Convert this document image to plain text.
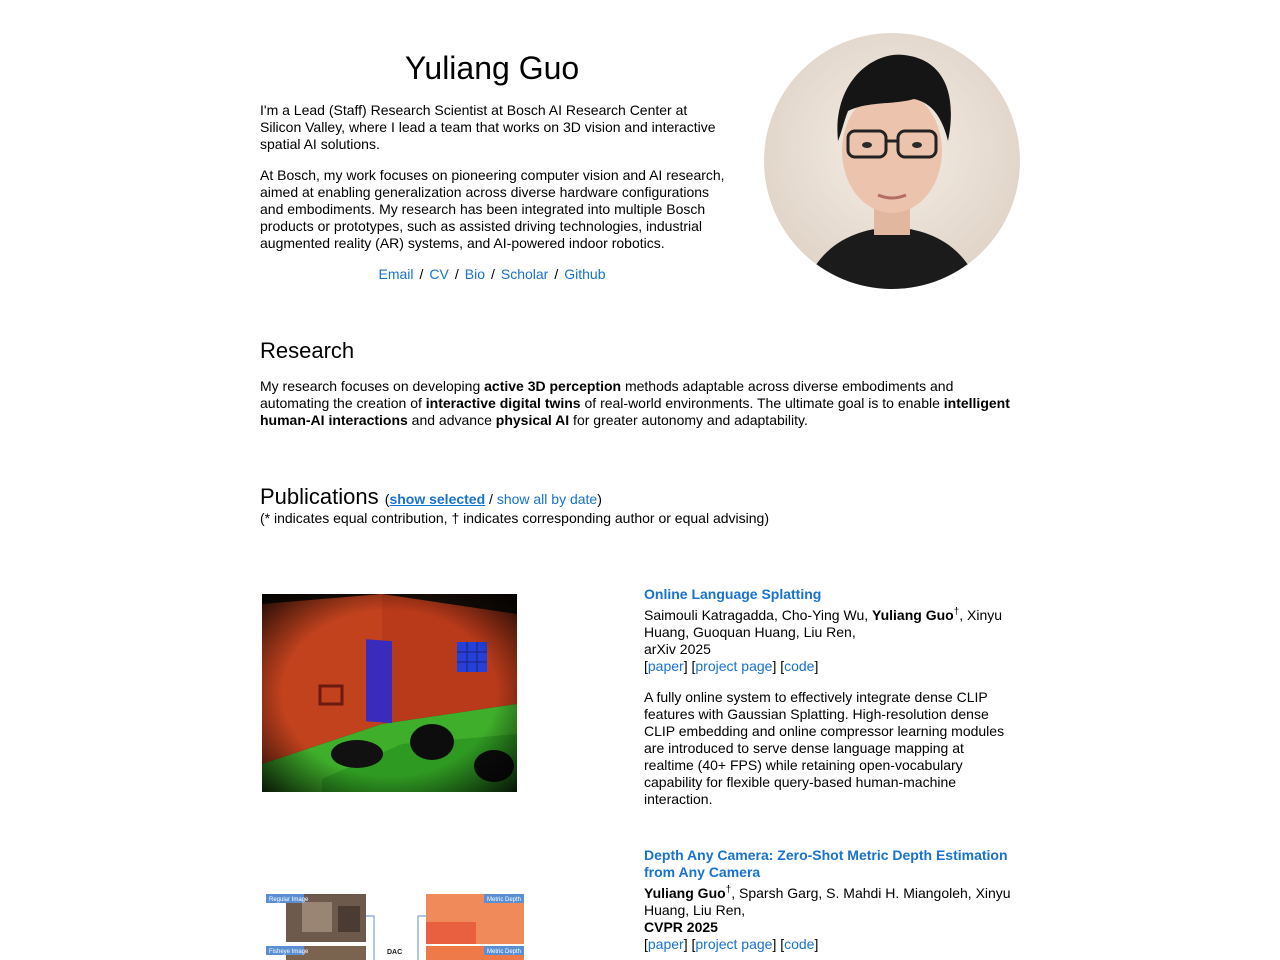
Yuliang Guo

I'm a Lead (Staff) Research Scientist at Bosch AI Research Center at Silicon Valley, where I lead a team that works on 3D vision and interactive spatial AI solutions.

At Bosch, my work focuses on pioneering computer vision and AI research, aimed at enabling generalization across diverse hardware configurations and embodiments. My research has been integrated into multiple Bosch products or prototypes, such as assisted driving technologies, industrial augmented reality (AR) systems, and AI-powered indoor robotics.

Email / CV / Bio / Scholar / Github
Research

My research focuses on developing active 3D perception methods adaptable across diverse embodiments and automating the creation of interactive digital twins of real-world environments. The ultimate goal is to enable intelligent human-AI interactions and advance physical AI for greater autonomy and adaptability.

Publications (show selected / show all by date)
(* indicates equal contribution, † indicates corresponding author or equal advising)
Online Language Splatting
Saimouli Katragadda, Cho-Ying Wu, Yuliang Guo†, Xinyu Huang, Guoquan Huang, Liu Ren,
arXiv 2025
[paper] [project page] [code]
A fully online system to effectively integrate dense CLIP features with Gaussian Splatting. High-resolution dense CLIP embedding and online compressor learning modules are introduced to serve dense language mapping at realtime (40+ FPS) while retaining open-vocabulary capability for flexible query-based human-machine interaction.
Regular Image	Metric Depth
DAC
Fisheye Image	Metric Depth
Depth Any Camera: Zero-Shot Metric Depth Estimation from Any Camera
Yuliang Guo†, Sparsh Garg, S. Mahdi H. Miangoleh, Xinyu Huang, Liu Ren,
CVPR 2025
[paper] [project page] [code]
